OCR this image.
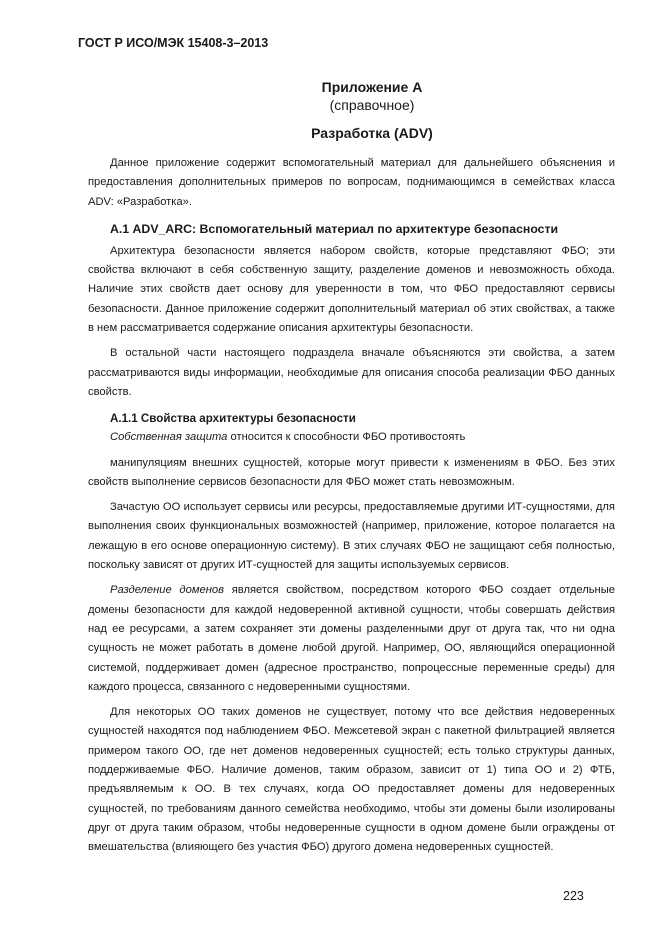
ГОСТ Р ИСО/МЭК 15408-3–2013
Приложение А
(справочное)
Разработка (ADV)

Данное приложение содержит вспомогательный материал для дальнейшего объяснения и предоставления дополнительных примеров по вопросам, поднимающимся в семействах класса ADV: «Разработка».

А.1 ADV_ARC: Вспомогательный материал по архитектуре безопасности

Архитектура безопасности является набором свойств, которые представляют ФБО; эти свойства включают в себя собственную защиту, разделение доменов и невозможность обхода. Наличие этих свойств дает основу для уверенности в том, что ФБО предоставляют сервисы безопасности. Данное приложение содержит дополнительный материал об этих свойствах, а также в нем рассматривается содержание описания архитектуры безопасности.

В остальной части настоящего подраздела вначале объясняются эти свойства, а затем рассматриваются виды информации, необходимые для описания способа реализации ФБО данных свойств.

А.1.1 Свойства архитектуры безопасности

Собственная защита относится к способности ФБО противостоять

манипуляциям внешних сущностей, которые могут привести к изменениям в ФБО. Без этих свойств выполнение сервисов безопасности для ФБО может стать невозможным.

Зачастую ОО использует сервисы или ресурсы, предоставляемые другими ИТ-сущностями, для выполнения своих функциональных возможностей (например, приложение, которое полагается на лежащую в его основе операционную систему). В этих случаях ФБО не защищают себя полностью, поскольку зависят от других ИТ-сущностей для защиты используемых сервисов.

Разделение доменов является свойством, посредством которого ФБО создает отдельные домены безопасности для каждой недоверенной активной сущности, чтобы совершать действия над ее ресурсами, а затем сохраняет эти домены разделенными друг от друга так, что ни одна сущность не может работать в домене любой другой. Например, ОО, являющийся операционной системой, поддерживает домен (адресное пространство, попроцессные переменные среды) для каждого процесса, связанного с недоверенными сущностями.

Для некоторых ОО таких доменов не существует, потому что все действия недоверенных сущностей находятся под наблюдением ФБО. Межсетевой экран с пакетной фильтрацией является примером такого ОО, где нет доменов недоверенных сущностей; есть только структуры данных, поддерживаемые ФБО. Наличие доменов, таким образом, зависит от 1) типа ОО и 2) ФТБ, предъявляемым к ОО. В тех случаях, когда ОО предоставляет домены для недоверенных сущностей, по требованиям данного семейства необходимо, чтобы эти домены были изолированы друг от друга таким образом, чтобы недоверенные сущности в одном домене были ограждены от вмешательства (влияющего без участия ФБО) другого домена недоверенных сущностей.

223
